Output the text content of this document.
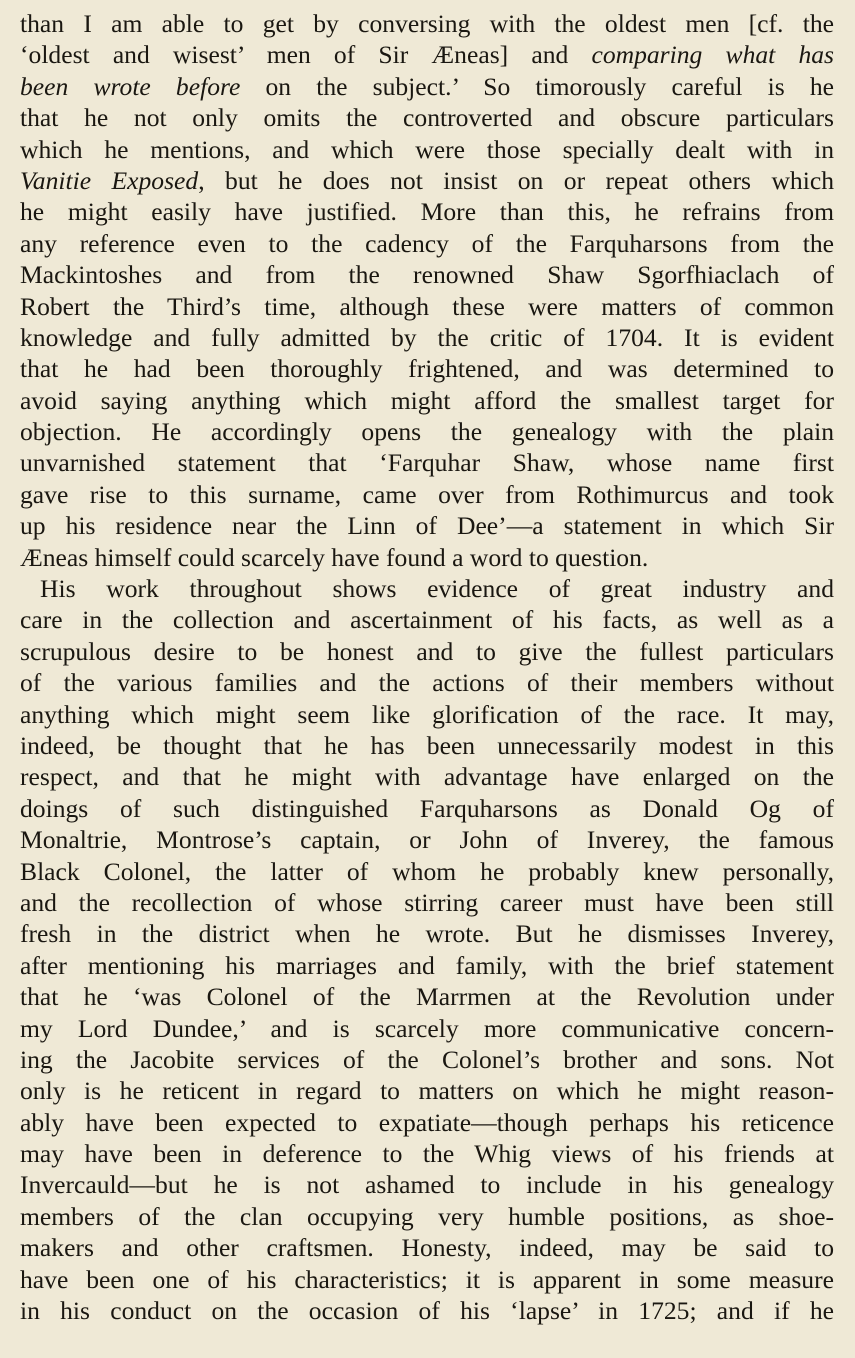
than I am able to get by conversing with the oldest men [cf. the
‘oldest and wisest’ men of Sir Æneas] and comparing what has
been wrote before on the subject.’ So timorously careful is he
that he not only omits the controverted and obscure particulars
which he mentions, and which were those specially dealt with in
Vanitie Exposed, but he does not insist on or repeat others which
he might easily have justified. More than this, he refrains from
any reference even to the cadency of the Farquharsons from the
Mackintoshes and from the renowned Shaw Sgorfhiaclach of
Robert the Third’s time, although these were matters of common
knowledge and fully admitted by the critic of 1704. It is evident
that he had been thoroughly frightened, and was determined to
avoid saying anything which might afford the smallest target for
objection. He accordingly opens the genealogy with the plain
unvarnished statement that ‘Farquhar Shaw, whose name first
gave rise to this surname, came over from Rothimurcus and took
up his residence near the Linn of Dee’—a statement in which Sir
Æneas himself could scarcely have found a word to question.
His work throughout shows evidence of great industry and
care in the collection and ascertainment of his facts, as well as a
scrupulous desire to be honest and to give the fullest particulars
of the various families and the actions of their members without
anything which might seem like glorification of the race. It may,
indeed, be thought that he has been unnecessarily modest in this
respect, and that he might with advantage have enlarged on the
doings of such distinguished Farquharsons as Donald Og of
Monaltrie, Montrose’s captain, or John of Inverey, the famous
Black Colonel, the latter of whom he probably knew personally,
and the recollection of whose stirring career must have been still
fresh in the district when he wrote. But he dismisses Inverey,
after mentioning his marriages and family, with the brief statement
that he ‘was Colonel of the Marrmen at the Revolution under
my Lord Dundee,’ and is scarcely more communicative concern-
ing the Jacobite services of the Colonel’s brother and sons. Not
only is he reticent in regard to matters on which he might reason-
ably have been expected to expatiate—though perhaps his reticence
may have been in deference to the Whig views of his friends at
Invercauld—but he is not ashamed to include in his genealogy
members of the clan occupying very humble positions, as shoe-
makers and other craftsmen. Honesty, indeed, may be said to
have been one of his characteristics; it is apparent in some measure
in his conduct on the occasion of his ‘lapse’ in 1725; and if he
